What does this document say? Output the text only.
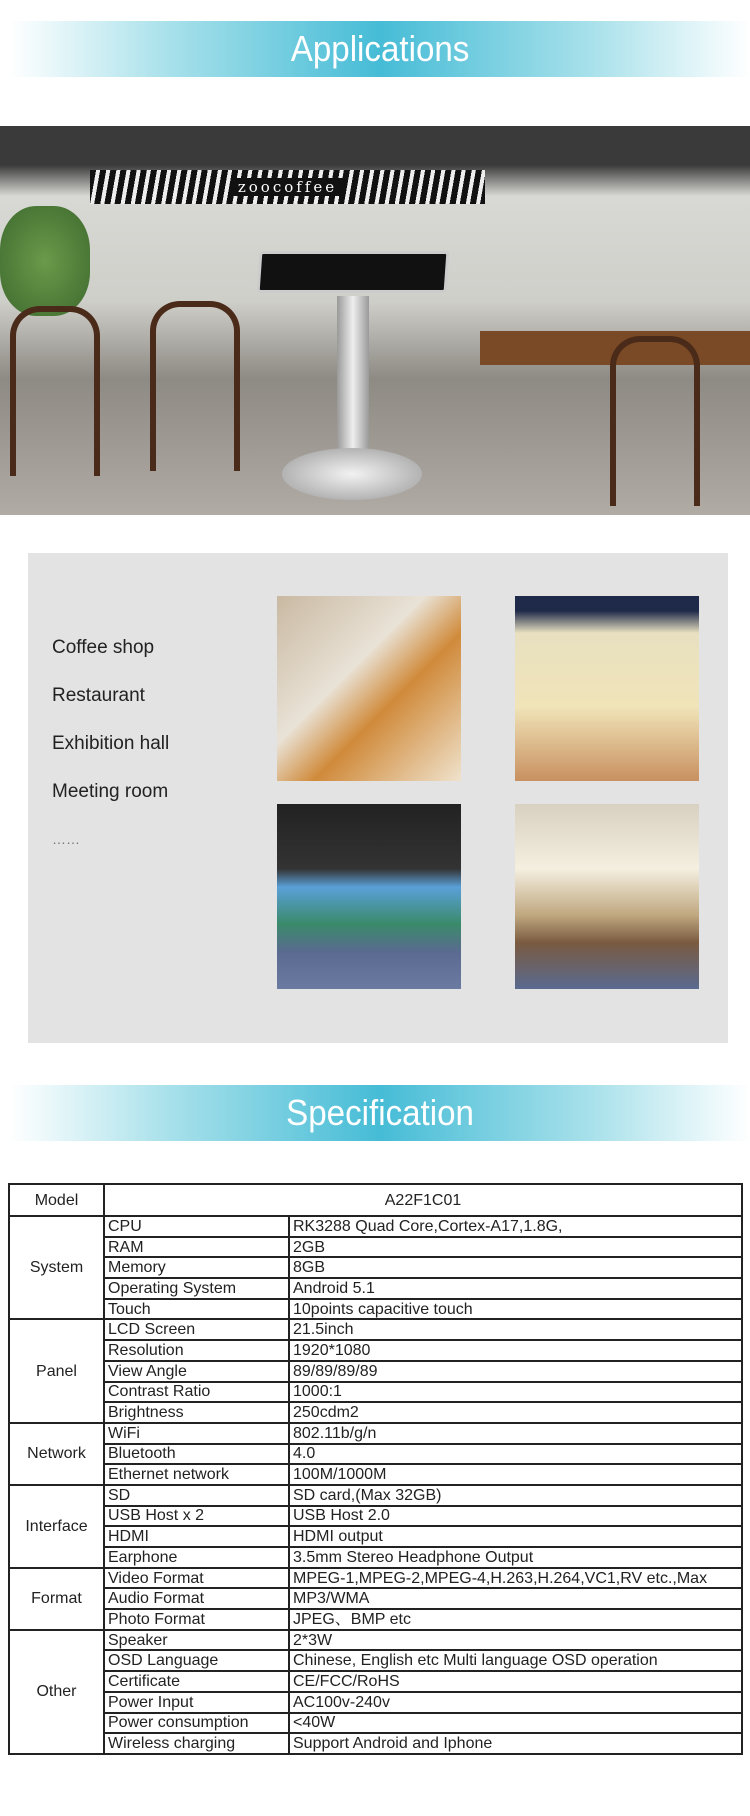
Applications
zoocoffee
Coffee shop
Restaurant
Exhibition hall
Meeting room
……
Specification
Model	A22F1C01	
System	CPU	RK3288 Quad Core,Cortex-A17,1.8G,
	RAM	2GB
	Memory	8GB
	Operating System	Android 5.1
	Touch	10points capacitive touch
Panel	LCD Screen	21.5inch
	Resolution	1920*1080
	View Angle	89/89/89/89
	Contrast Ratio	1000:1
	Brightness	250cdm2
Network	WiFi	802.11b/g/n
	Bluetooth	4.0
	Ethernet network	100M/1000M
Interface	SD	SD card,(Max 32GB)
	USB Host x 2	USB Host 2.0
	HDMI	HDMI output
	Earphone	3.5mm Stereo Headphone Output
Format	Video Format	MPEG-1,MPEG-2,MPEG-4,H.263,H.264,VC1,RV etc.,Max
	Audio Format	MP3/WMA
	Photo Format	JPEG、BMP etc
Other	Speaker	2*3W
	OSD Language	Chinese, English etc Multi language OSD operation
	Certificate	CE/FCC/RoHS
	Power Input	AC100v-240v
	Power consumption	<40W
	Wireless charging	Support Android and Iphone
